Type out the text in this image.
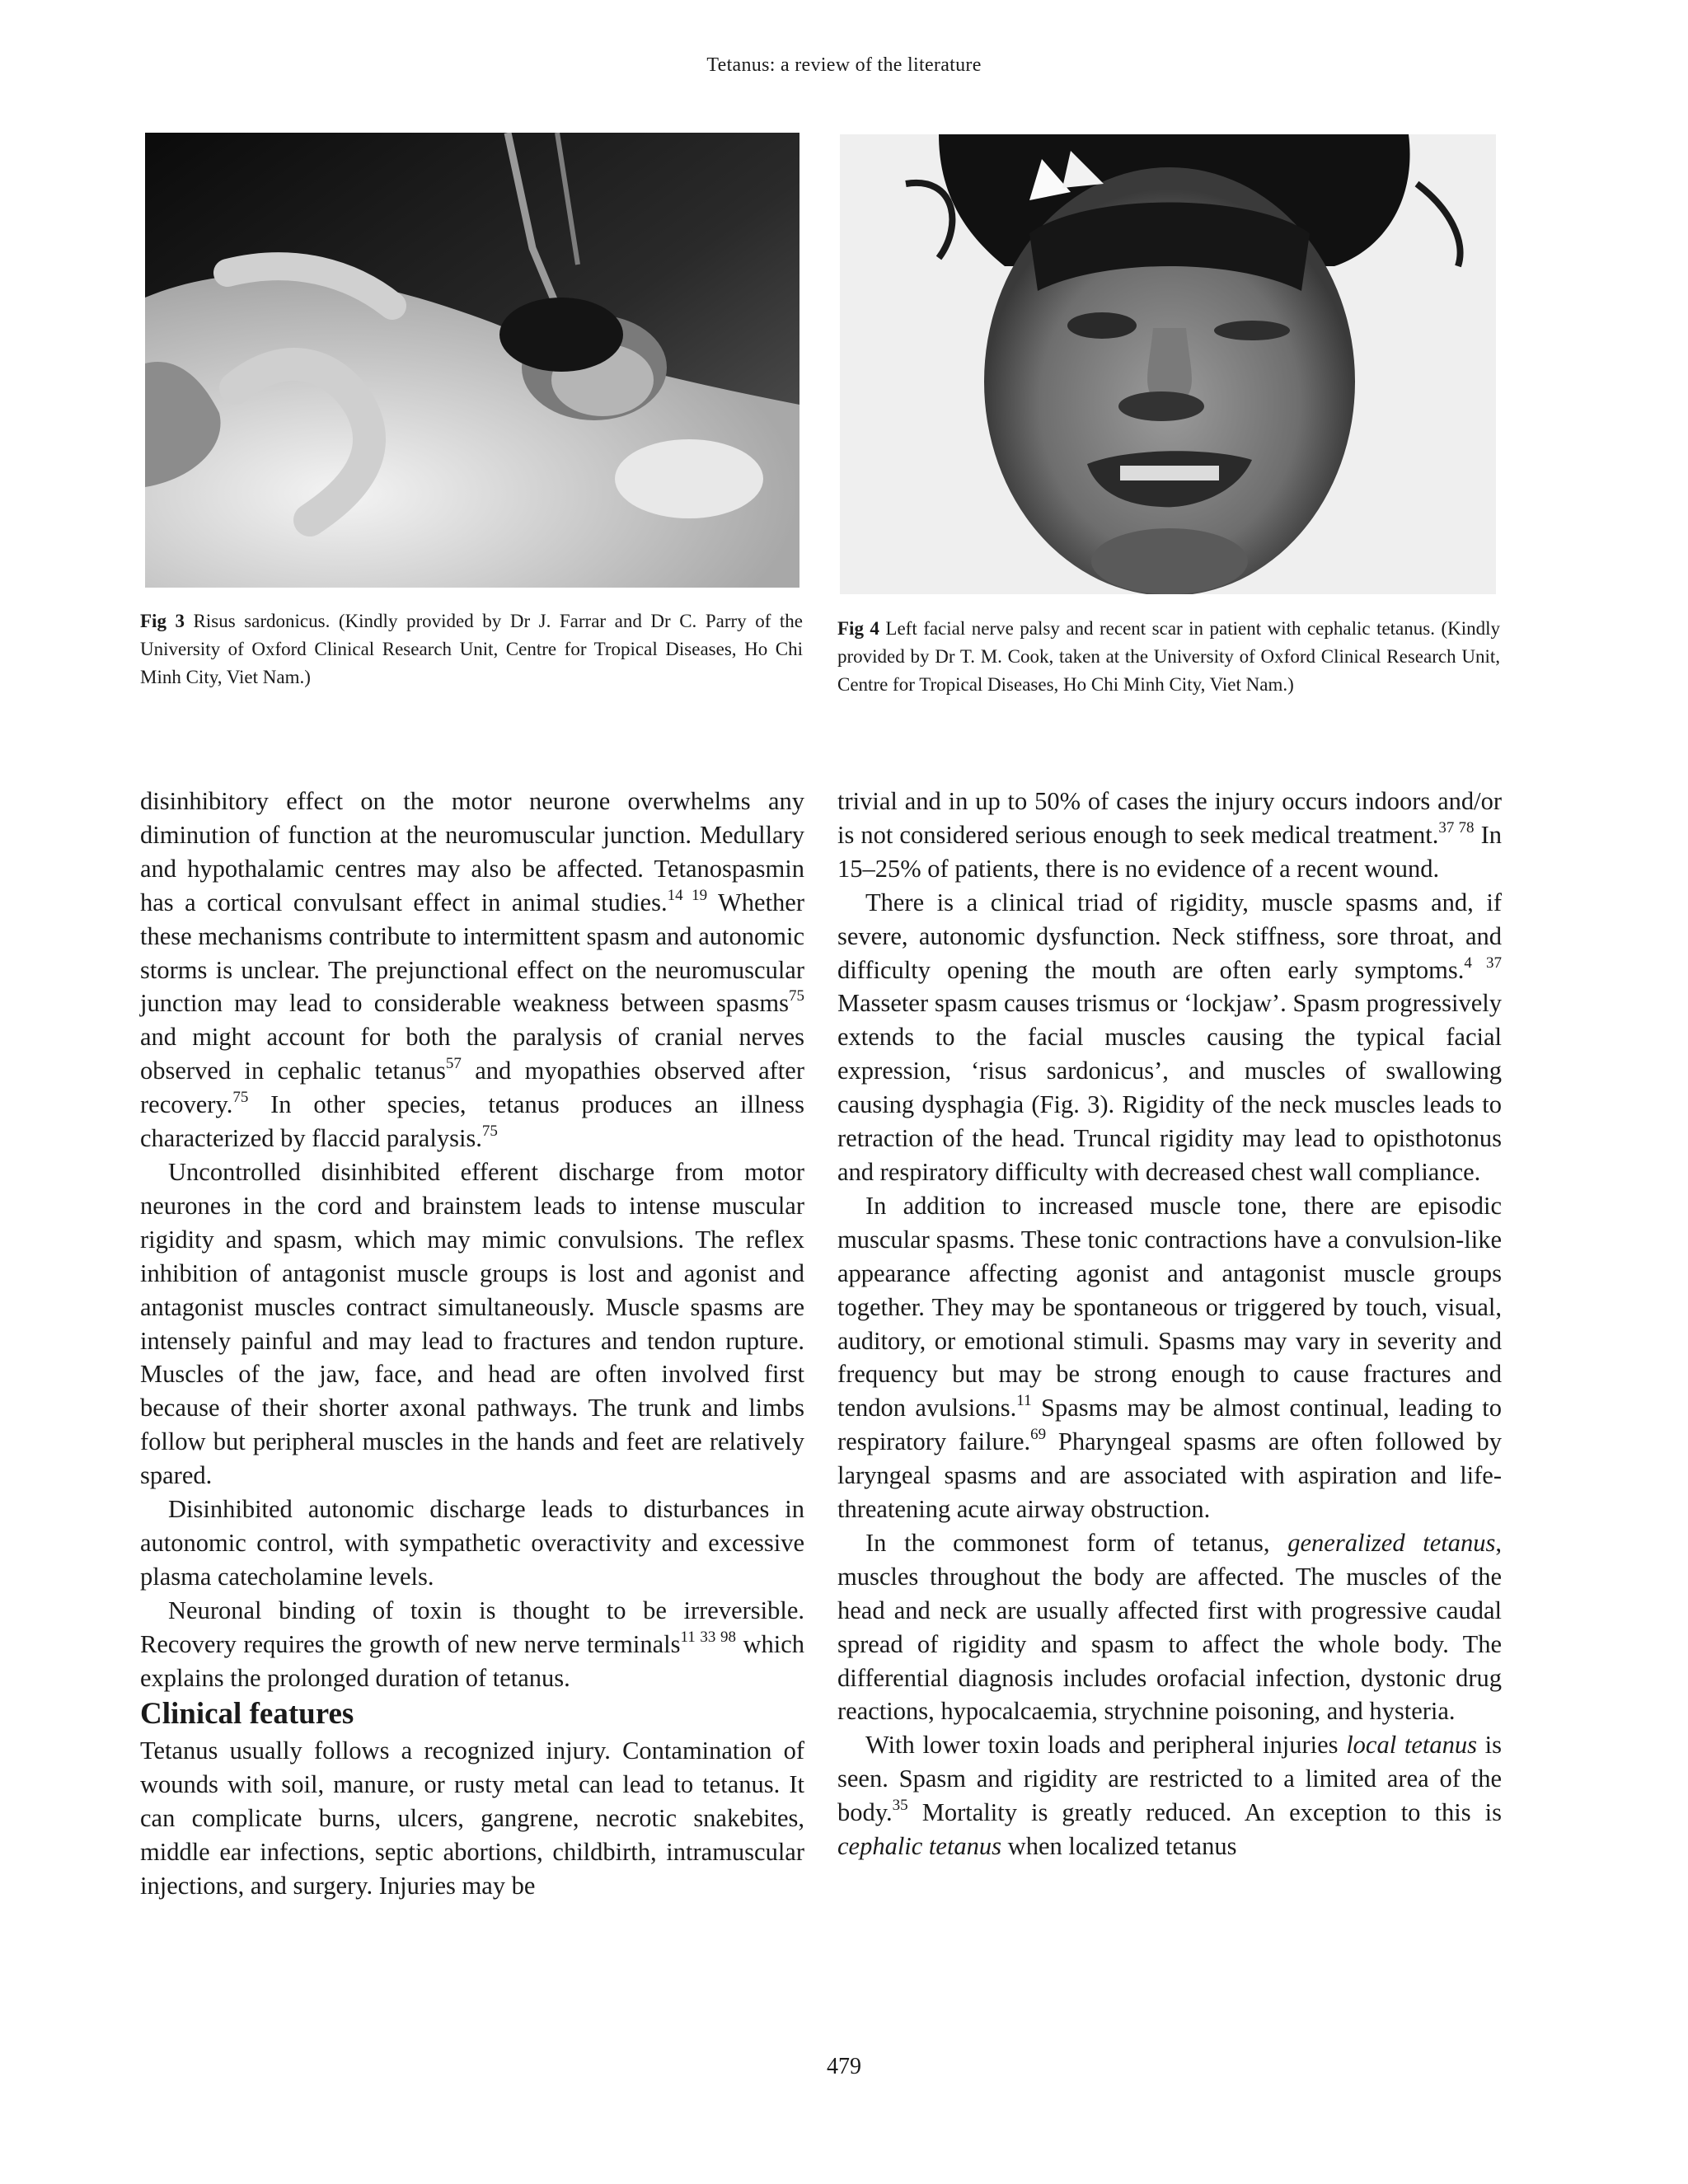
Tetanus: a review of the literature
Fig 3 Risus sardonicus. (Kindly provided by Dr J. Farrar and Dr C. Parry of the University of Oxford Clinical Research Unit, Centre for Tropical Diseases, Ho Chi Minh City, Viet Nam.)
Fig 4 Left facial nerve palsy and recent scar in patient with cephalic tetanus. (Kindly provided by Dr T. M. Cook, taken at the University of Oxford Clinical Research Unit, Centre for Tropical Diseases, Ho Chi Minh City, Viet Nam.)

disinhibitory effect on the motor neurone overwhelms any diminution of function at the neuromuscular junction. Medullary and hypothalamic centres may also be affected. Tetanospasmin has a cortical convulsant effect in animal studies.$^{14 19}$ Whether these mechanisms contribute to intermittent spasm and autonomic storms is unclear. The prejunctional effect on the neuromuscular junction may lead to considerable weakness between spasms$^{75}$ and might account for both the paralysis of cranial nerves observed in cephalic tetanus$^{57}$ and myopathies observed after recovery.$^{75}$ In other species, tetanus produces an illness characterized by flaccid paralysis.$^{75}$

Uncontrolled disinhibited efferent discharge from motor neurones in the cord and brainstem leads to intense muscular rigidity and spasm, which may mimic convulsions. The reflex inhibition of antagonist muscle groups is lost and agonist and antagonist muscles contract simultaneously. Muscle spasms are intensely painful and may lead to fractures and tendon rupture. Muscles of the jaw, face, and head are often involved first because of their shorter axonal pathways. The trunk and limbs follow but peripheral muscles in the hands and feet are relatively spared.

Disinhibited autonomic discharge leads to disturbances in autonomic control, with sympathetic overactivity and excessive plasma catecholamine levels.

Neuronal binding of toxin is thought to be irreversible. Recovery requires the growth of new nerve terminals$^{11 33 98}$ which explains the prolonged duration of tetanus.

Clinical features

Tetanus usually follows a recognized injury. Contamination of wounds with soil, manure, or rusty metal can lead to tetanus. It can complicate burns, ulcers, gangrene, necrotic snakebites, middle ear infections, septic abortions, childbirth, intramuscular injections, and surgery. Injuries may be

trivial and in up to 50% of cases the injury occurs indoors and/or is not considered serious enough to seek medical treatment.$^{37 78}$ In 15–25% of patients, there is no evidence of a recent wound.

There is a clinical triad of rigidity, muscle spasms and, if severe, autonomic dysfunction. Neck stiffness, sore throat, and difficulty opening the mouth are often early symptoms.$^{4 37}$ Masseter spasm causes trismus or ‘lockjaw’. Spasm progressively extends to the facial muscles causing the typical facial expression, ‘risus sardonicus’, and muscles of swallowing causing dysphagia (Fig. 3). Rigidity of the neck muscles leads to retraction of the head. Truncal rigidity may lead to opisthotonus and respiratory difficulty with decreased chest wall compliance.

In addition to increased muscle tone, there are episodic muscular spasms. These tonic contractions have a convulsion-like appearance affecting agonist and antagonist muscle groups together. They may be spontaneous or triggered by touch, visual, auditory, or emotional stimuli. Spasms may vary in severity and frequency but may be strong enough to cause fractures and tendon avulsions.$^{11}$ Spasms may be almost continual, leading to respiratory failure.$^{69}$ Pharyngeal spasms are often followed by laryngeal spasms and are associated with aspiration and life-threatening acute airway obstruction.

In the commonest form of tetanus, generalized tetanus, muscles throughout the body are affected. The muscles of the head and neck are usually affected first with progressive caudal spread of rigidity and spasm to affect the whole body. The differential diagnosis includes orofacial infection, dystonic drug reactions, hypocalcaemia, strychnine poisoning, and hysteria.

With lower toxin loads and peripheral injuries local tetanus is seen. Spasm and rigidity are restricted to a limited area of the body.$^{35}$ Mortality is greatly reduced. An exception to this is cephalic tetanus when localized tetanus

479
